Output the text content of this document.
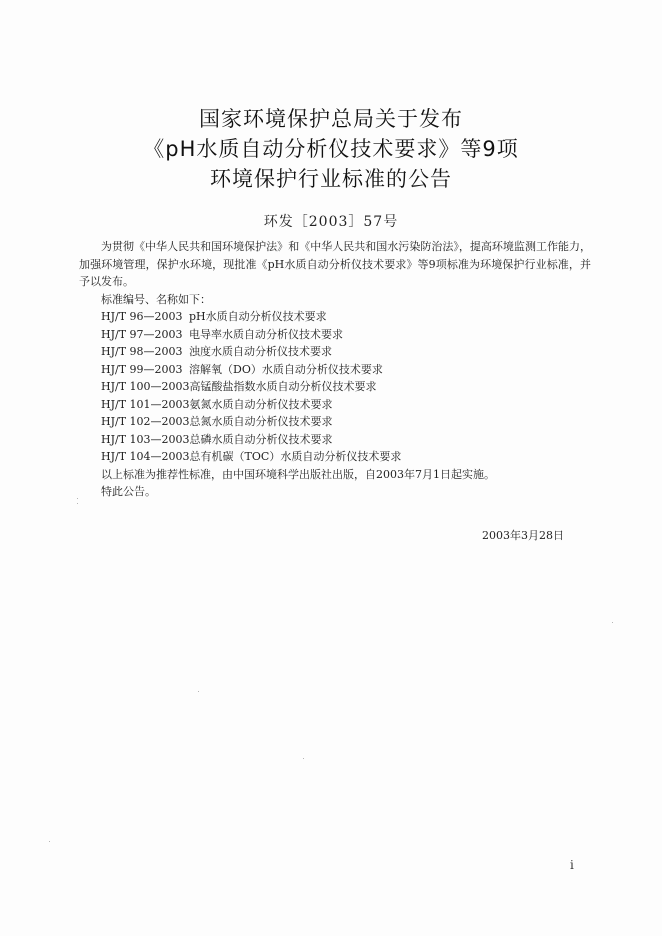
国家环境保护总局关于发布
《pH水质自动分析仪技术要求》等9项
环境保护行业标准的公告
环发［2003］57号

为贯彻《中华人民共和国环境保护法》和《中华人民共和国水污染防治法》，提高环境监测工作能力，加强环境管理，保护水环境，现批准《pH水质自动分析仪技术要求》等9项标准为环境保护行业标准，并予以发布。

标准编号、名称如下：

HJ/T 96—2003 pH水质自动分析仪技术要求

HJ/T 97—2003 电导率水质自动分析仪技术要求

HJ/T 98—2003 浊度水质自动分析仪技术要求

HJ/T 99—2003 溶解氧（DO）水质自动分析仪技术要求

HJ/T 100—2003高锰酸盐指数水质自动分析仪技术要求

HJ/T 101—2003氨氮水质自动分析仪技术要求

HJ/T 102—2003总氮水质自动分析仪技术要求

HJ/T 103—2003总磷水质自动分析仪技术要求

HJ/T 104—2003总有机碳（TOC）水质自动分析仪技术要求

以上标准为推荐性标准，由中国环境科学出版社出版，自2003年7月1日起实施。

特此公告。

2003年3月28日
i
